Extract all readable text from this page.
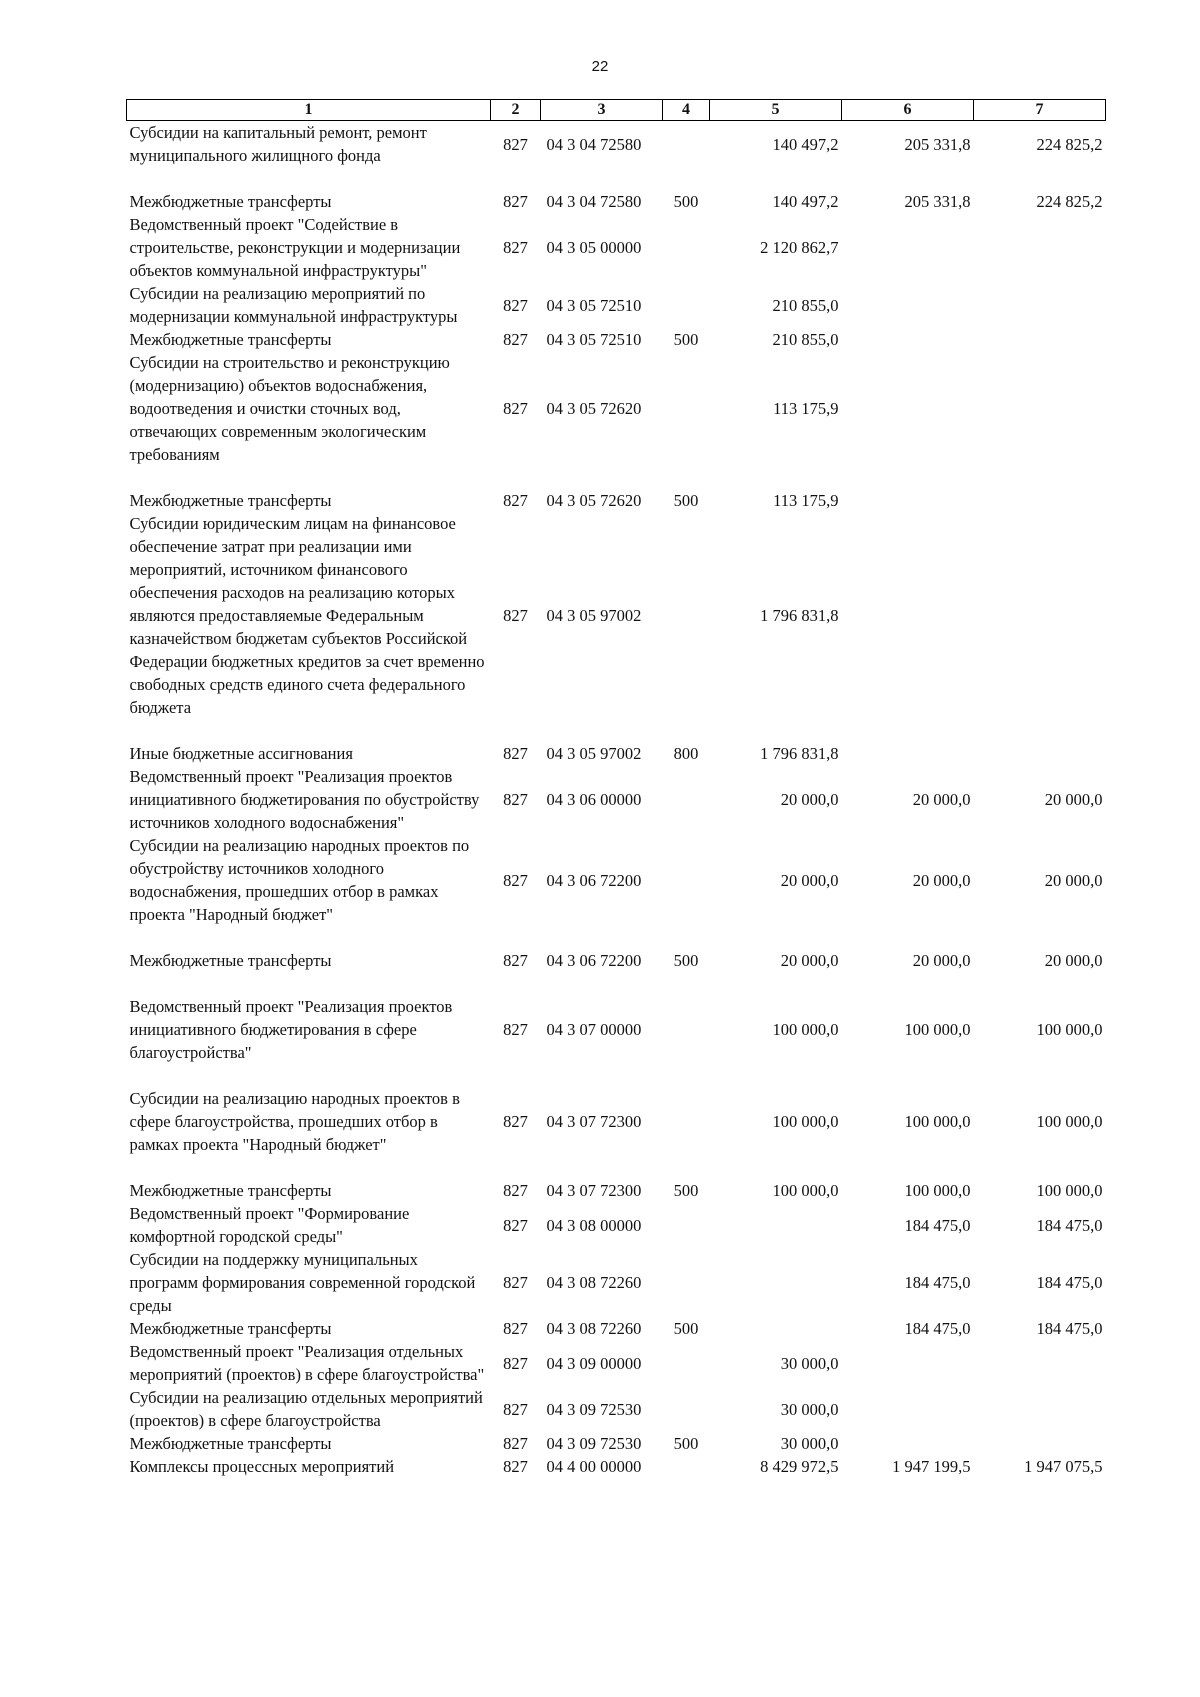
22
1	2	3	4	5	6	7
Субсидии на капитальный ремонт, ремонт муниципального жилищного фонда	827	04 3 04 72580		140 497,2	205 331,8	224 825,2
Межбюджетные трансферты	827	04 3 04 72580	500	140 497,2	205 331,8	224 825,2
Ведомственный проект "Содействие в строительстве, реконструкции и модернизации объектов коммунальной инфраструктуры"	827	04 3 05 00000		2 120 862,7		
Субсидии на реализацию мероприятий по модернизации коммунальной инфраструктуры	827	04 3 05 72510		210 855,0		
Межбюджетные трансферты	827	04 3 05 72510	500	210 855,0		
Субсидии на строительство и реконструкцию (модернизацию) объектов водоснабжения, водоотведения и очистки сточных вод, отвечающих современным экологическим требованиям	827	04 3 05 72620		113 175,9		
Межбюджетные трансферты	827	04 3 05 72620	500	113 175,9		
Субсидии юридическим лицам на финансовое обеспечение затрат при реализации ими мероприятий, источником финансового обеспечения расходов на реализацию которых являются предоставляемые Федеральным казначейством бюджетам субъектов Российской Федерации бюджетных кредитов за счет временно свободных средств единого счета федерального бюджета	827	04 3 05 97002		1 796 831,8		
Иные бюджетные ассигнования	827	04 3 05 97002	800	1 796 831,8		
Ведомственный проект "Реализация проектов инициативного бюджетирования по обустройству источников холодного водоснабжения"	827	04 3 06 00000		20 000,0	20 000,0	20 000,0
Субсидии на реализацию народных проектов по обустройству источников холодного водоснабжения, прошедших отбор в рамках проекта "Народный бюджет"	827	04 3 06 72200		20 000,0	20 000,0	20 000,0
Межбюджетные трансферты	827	04 3 06 72200	500	20 000,0	20 000,0	20 000,0
Ведомственный проект "Реализация проектов инициативного бюджетирования в сфере благоустройства"	827	04 3 07 00000		100 000,0	100 000,0	100 000,0
Субсидии на реализацию народных проектов в сфере благоустройства, прошедших отбор в рамках проекта "Народный бюджет"	827	04 3 07 72300		100 000,0	100 000,0	100 000,0
Межбюджетные трансферты	827	04 3 07 72300	500	100 000,0	100 000,0	100 000,0
Ведомственный проект "Формирование комфортной городской среды"	827	04 3 08 00000			184 475,0	184 475,0
Субсидии на поддержку муниципальных программ формирования современной городской среды	827	04 3 08 72260			184 475,0	184 475,0
Межбюджетные трансферты	827	04 3 08 72260	500		184 475,0	184 475,0
Ведомственный проект "Реализация отдельных мероприятий (проектов) в сфере благоустройства"	827	04 3 09 00000		30 000,0		
Субсидии на реализацию отдельных мероприятий (проектов) в сфере благоустройства	827	04 3 09 72530		30 000,0		
Межбюджетные трансферты	827	04 3 09 72530	500	30 000,0		
Комплексы процессных мероприятий	827	04 4 00 00000		8 429 972,5	1 947 199,5	1 947 075,5
